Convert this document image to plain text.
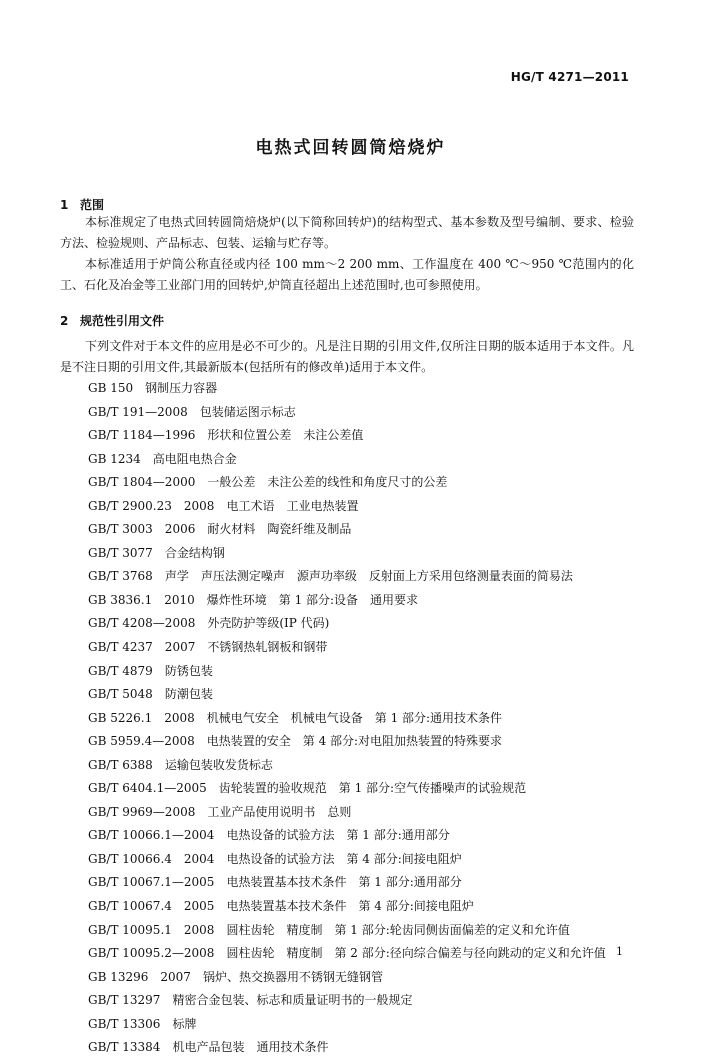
HG/T 4271—2011
电热式回转圆筒焙烧炉
1 范围

本标准规定了电热式回转圆筒焙烧炉(以下简称回转炉)的结构型式、基本参数及型号编制、要求、检验方法、检验规则、产品标志、包装、运输与贮存等。

本标准适用于炉筒公称直径或内径 100 mm～2 200 mm、工作温度在 400 ℃～950 ℃范围内的化工、石化及冶金等工业部门用的回转炉,炉筒直径超出上述范围时,也可参照使用。

2 规范性引用文件

下列文件对于本文件的应用是必不可少的。凡是注日期的引用文件,仅所注日期的版本适用于本文件。凡是不注日期的引用文件,其最新版本(包括所有的修改单)适用于本文件。

GB 150 钢制压力容器
GB/T 191—2008 包装储运图示标志
GB/T 1184—1996 形状和位置公差　未注公差值
GB 1234 高电阻电热合金
GB/T 1804—2000 一般公差　未注公差的线性和角度尺寸的公差
GB/T 2900.23　2008 电工术语　工业电热装置
GB/T 3003　2006 耐火材料　陶瓷纤维及制品
GB/T 3077 合金结构钢
GB/T 3768 声学　声压法测定噪声　源声功率级　反射面上方采用包络测量表面的简易法
GB 3836.1　2010 爆炸性环境　第 1 部分:设备　通用要求
GB/T 4208—2008 外壳防护等级(IP 代码)
GB/T 4237　2007 不锈钢热轧钢板和钢带
GB/T 4879 防锈包装
GB/T 5048 防潮包装
GB 5226.1　2008 机械电气安全　机械电气设备　第 1 部分:通用技术条件
GB 5959.4—2008 电热装置的安全　第 4 部分:对电阻加热装置的特殊要求
GB/T 6388 运输包装收发货标志
GB/T 6404.1—2005 齿轮装置的验收规范　第 1 部分:空气传播噪声的试验规范
GB/T 9969—2008 工业产品使用说明书　总则
GB/T 10066.1—2004 电热设备的试验方法　第 1 部分:通用部分
GB/T 10066.4　2004 电热设备的试验方法　第 4 部分:间接电阻炉
GB/T 10067.1—2005 电热装置基本技术条件　第 1 部分:通用部分
GB/T 10067.4　2005 电热装置基本技术条件　第 4 部分:间接电阻炉
GB/T 10095.1　2008 圆柱齿轮　精度制　第 1 部分:轮齿同侧齿面偏差的定义和允许值
GB/T 10095.2—2008 圆柱齿轮　精度制　第 2 部分:径向综合偏差与径向跳动的定义和允许值
GB 13296　2007 锅炉、热交换器用不锈钢无缝钢管
GB/T 13297 精密合金包装、标志和质量证明书的一般规定
GB/T 13306 标牌
GB/T 13384 机电产品包装　通用技术条件
1
